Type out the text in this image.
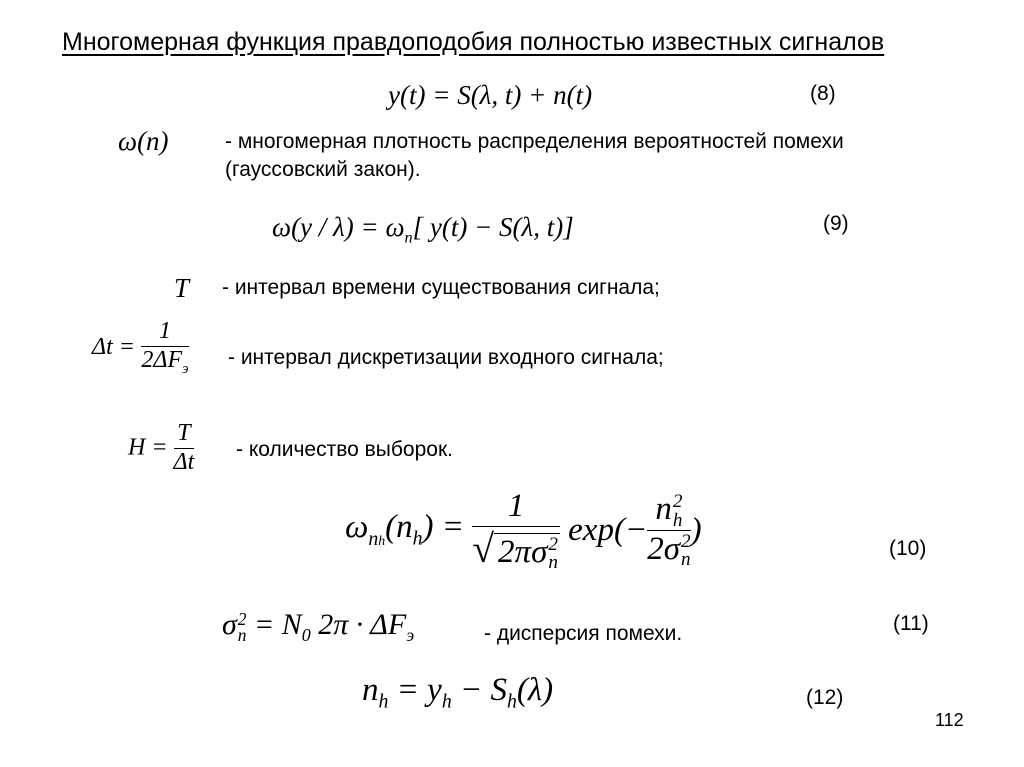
Многомерная функция правдоподобия полностью известных сигналов
y(t) = S(λ, t) + n(t)	(8)
ω(n)	- многомерная плотность распределения вероятностей помехи
(гауссовский закон).
$\omega(y / \lambda) = \omega_n$[ y(t) − S(λ, t)]	(9)
T - интервал времени существования сигнала;
$\Delta t = \frac{1}{2\Delta F_э}$ - интервал дискретизации входного сигнала;
$H = \frac{T}{\Delta t}$ - количество выборок.
$\omega_{nh}(n_h) = 1$
√ 2πσ 2
n exp(− n 2
h
2σ 2
n )
(10)
σ 2
$n = N_0$ $2\pi \cdot \Delta F_э$	- дисперсия помехи.	(11)
$n_h = y_h - S_h(\lambda)$	(12)
112
